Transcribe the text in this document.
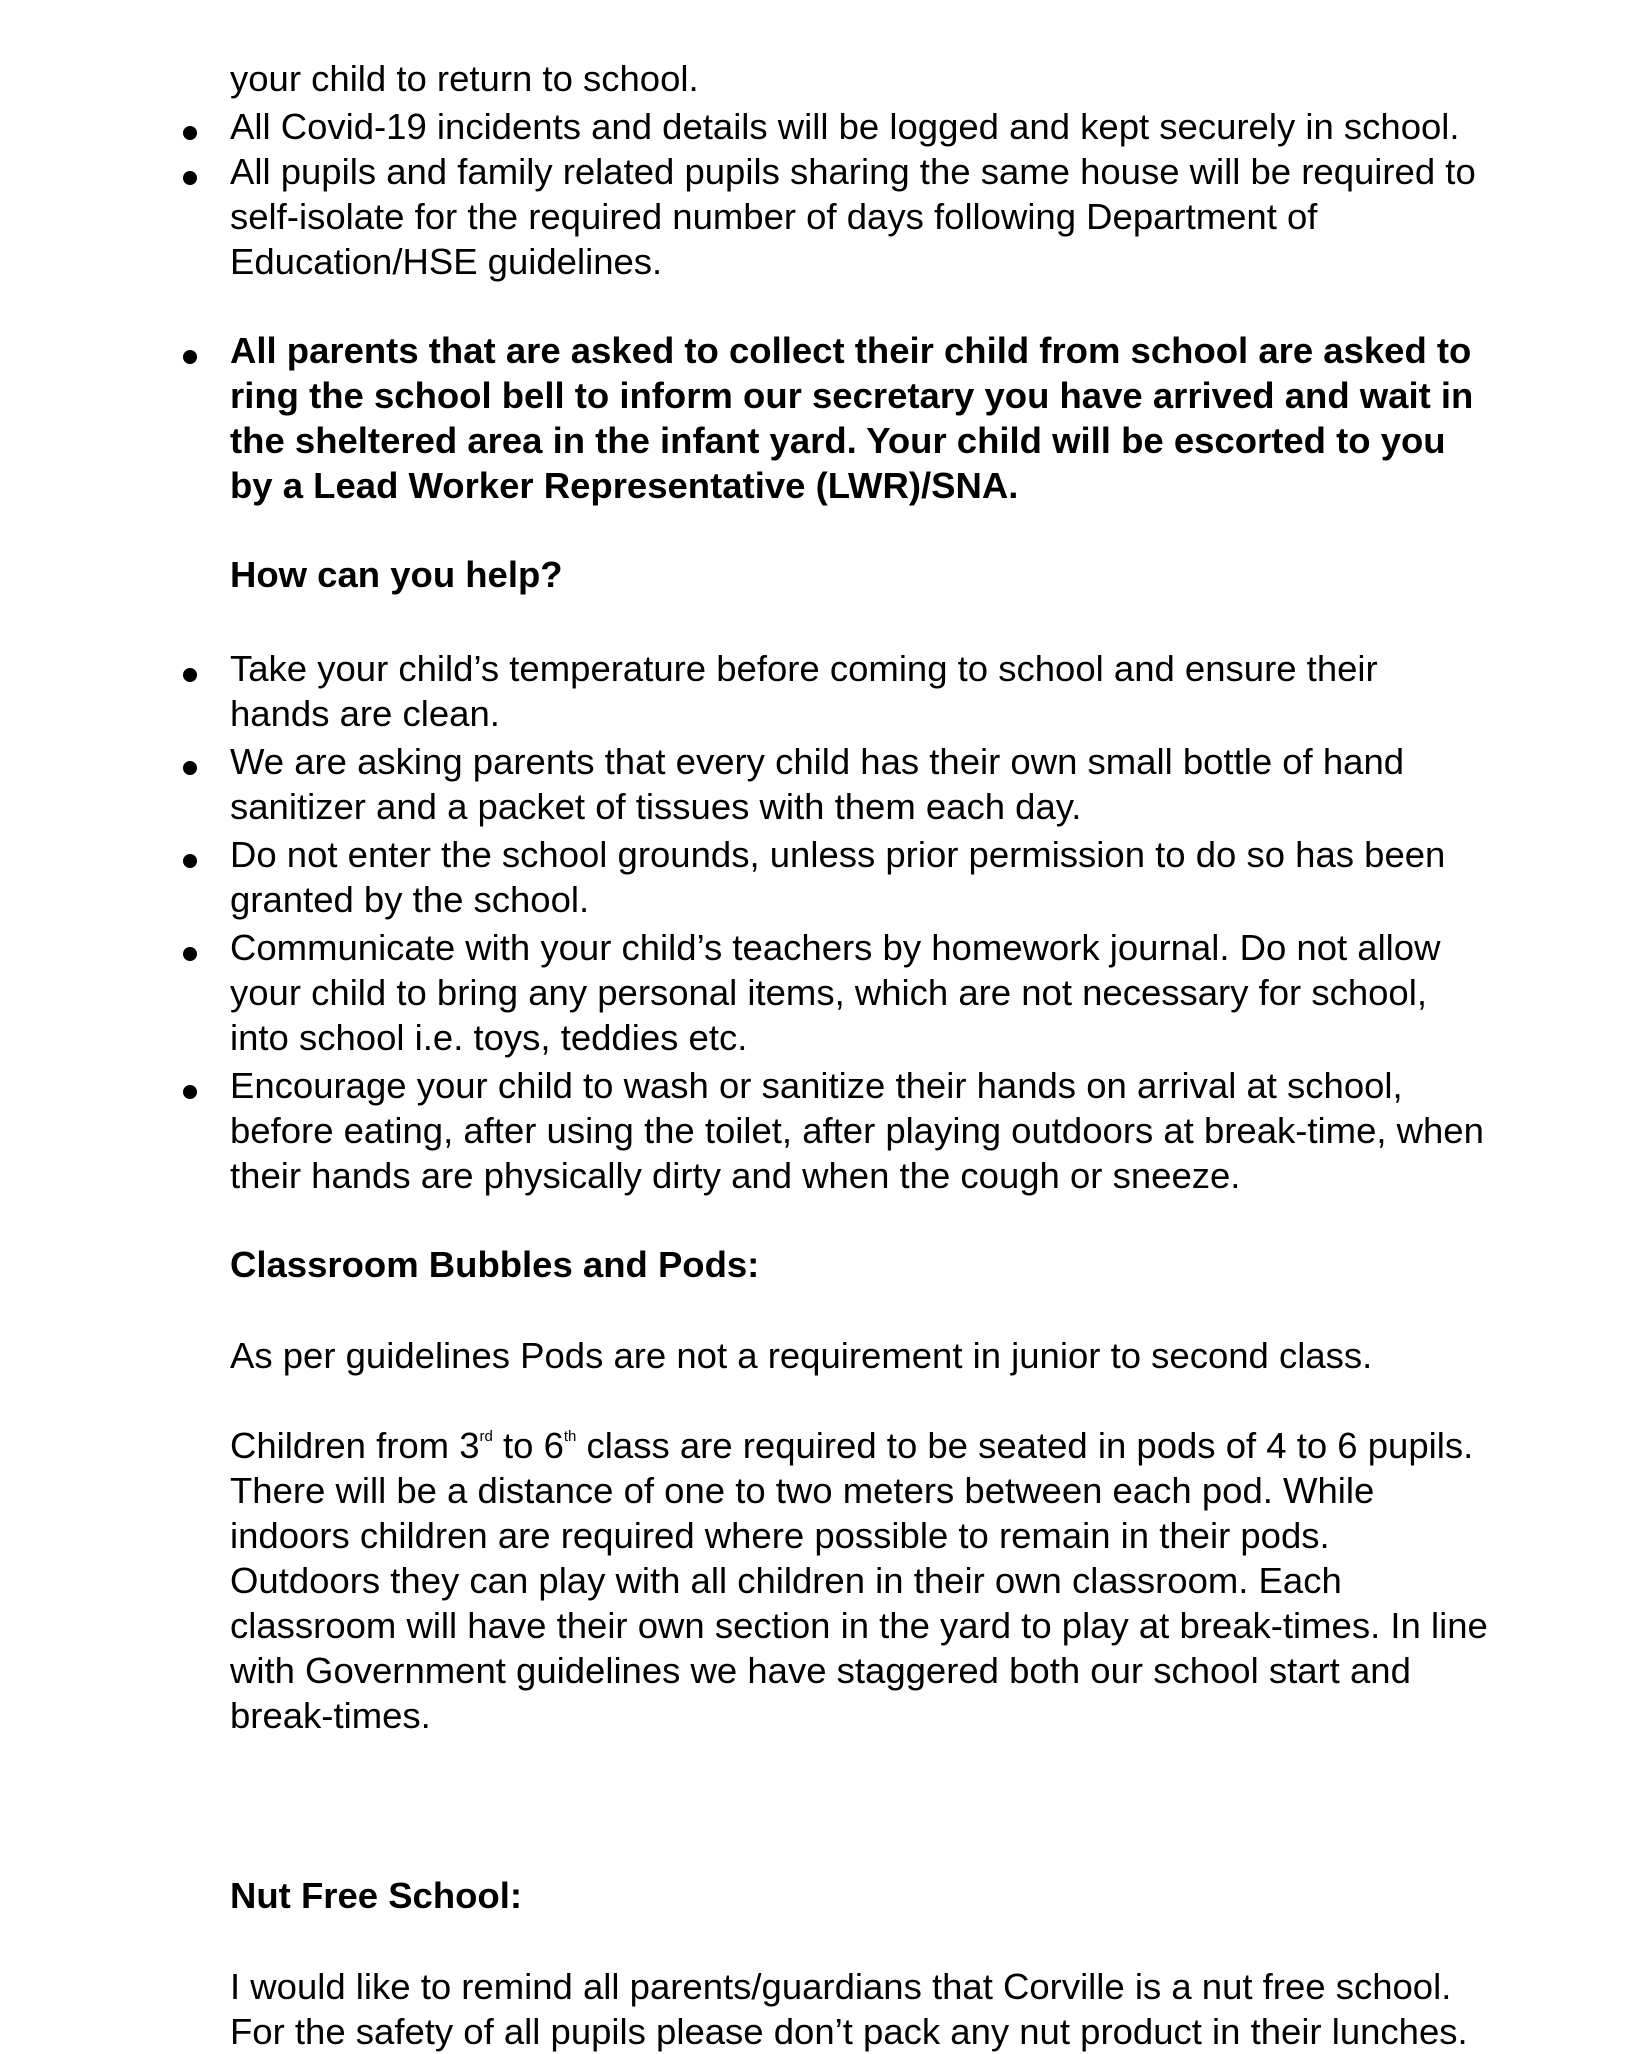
your child to return to school.
All Covid-19 incidents and details will be logged and kept securely in school.
All pupils and family related pupils sharing the same house will be required to
self-isolate for the required number of days following Department of
Education/HSE guidelines.
All parents that are asked to collect their child from school are asked to
ring the school bell to inform our secretary you have arrived and wait in
the sheltered area in the infant yard. Your child will be escorted to you
by a Lead Worker Representative (LWR)/SNA.
How can you help?
Take your child’s temperature before coming to school and ensure their
hands are clean.
We are asking parents that every child has their own small bottle of hand
sanitizer and a packet of tissues with them each day.
Do not enter the school grounds, unless prior permission to do so has been
granted by the school.
Communicate with your child’s teachers by homework journal. Do not allow
your child to bring any personal items, which are not necessary for school,
into school i.e. toys, teddies etc.
Encourage your child to wash or sanitize their hands on arrival at school,
before eating, after using the toilet, after playing outdoors at break-time, when
their hands are physically dirty and when the cough or sneeze.
Classroom Bubbles and Pods:
As per guidelines Pods are not a requirement in junior to second class.
Children from 3rd to 6th class are required to be seated in pods of 4 to 6 pupils.
There will be a distance of one to two meters between each pod. While
indoors children are required where possible to remain in their pods.
Outdoors they can play with all children in their own classroom. Each
classroom will have their own section in the yard to play at break-times. In line
with Government guidelines we have staggered both our school start and
break-times.
Nut Free School:
I would like to remind all parents/guardians that Corville is a nut free school.
For the safety of all pupils please don’t pack any nut product in their lunches.
